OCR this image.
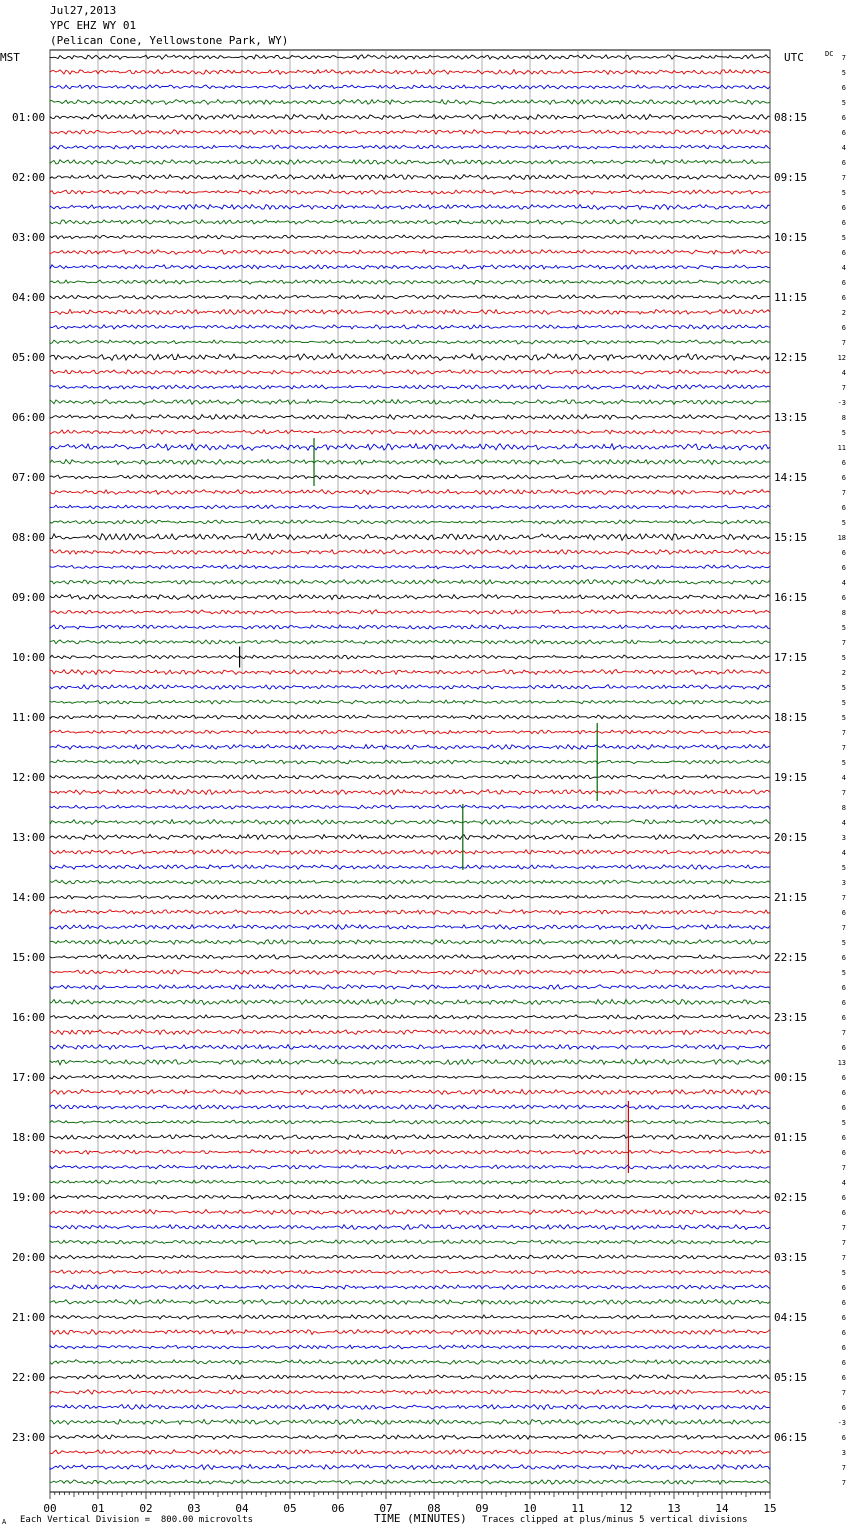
Jul27,2013
YPC EHZ WY 01
(Pelican Cone, Yellowstone Park, WY)
00	01	02	03	04	05	06	07	08	09	10	11	12	13	14	15
7
5
6
5
01:00	08:15	6
6
4
6
02:00	09:15	7
5
6
6
03:00	10:15	5
6
4
6
04:00	11:15	6
2
6
7
05:00	12:15	12
4
7
-3
06:00	13:15	8
5
11
6
07:00	14:15	6
7
6
5
08:00	15:15	18
6
6
4
09:00	16:15	6
8
5
7
10:00	17:15	5
2
5
5
11:00	18:15	5
7
7
5
12:00	19:15	4
7
8
4
13:00	20:15	3
4
5
3
14:00	21:15	7
6
7
5
15:00	22:15	6
5
6
6
16:00	23:15	6
7
6
13
17:00	00:15	6
6
6
5
18:00	01:15	6
6
7
4
19:00	02:15	6
6
7
7
20:00	03:15	7
5
6
6
21:00	04:15	6
6
6
6
22:00	05:15	6
7
6
-3
23:00	06:15	6
3
7
7
MST	UTC	DC
A Each Vertical Division =  800.00 microvolts	TIME (MINUTES) Traces clipped at plus/minus 5 vertical divisions
